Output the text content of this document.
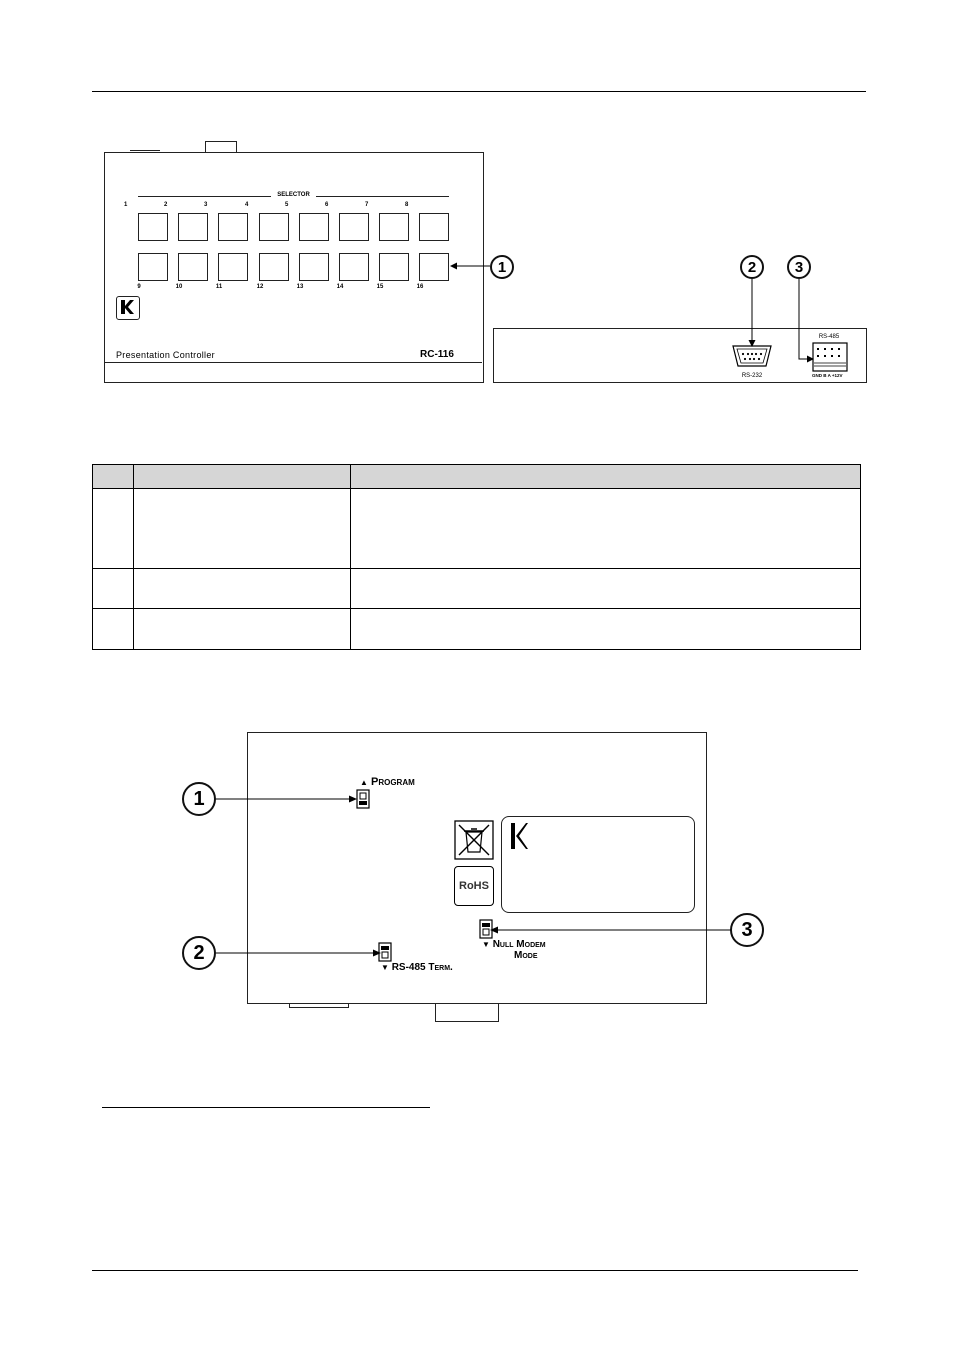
SELECTOR
1	2	3	4	5	6	7	8
9	10	11	12	13	14	15	16
Presentation Controller	RC-116
1
RS-232
RS-485
GND B A +12V
2	3

▲ Program
▼ RS-485 Term.
RoHS
▼ Null Modem
Mode
1
2
3
